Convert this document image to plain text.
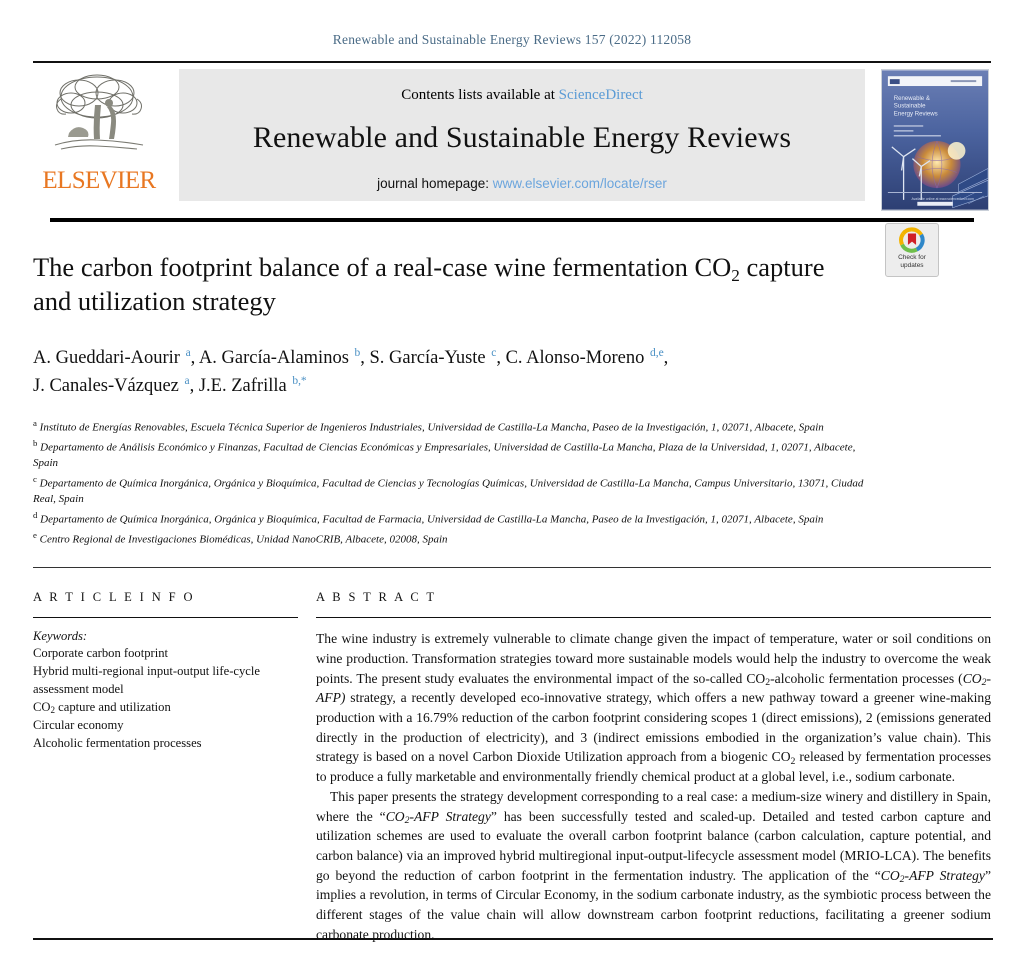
Renewable and Sustainable Energy Reviews 157 (2022) 112058
ELSEVIER
Contents lists available at ScienceDirect
Renewable and Sustainable Energy Reviews
journal homepage: www.elsevier.com/locate/rser
Renewable &
Sustainable
Energy Reviews
Available online at www.sciencedirect.com
Check for
updates
The carbon footprint balance of a real-case wine fermentation $CO_2$ capture and utilization strategy
A. Gueddari-Aourir $^a$, A. García-Alaminos $^b$, S. García-Yuste $^c$, C. Alonso-Moreno $^{d,e}$,
J. Canales-Vázquez $^a$, J.E. Zafrilla $^{b,*}$

$^a$ Instituto de Energías Renovables, Escuela Técnica Superior de Ingenieros Industriales, Universidad de Castilla-La Mancha, Paseo de la Investigación, 1, 02071, Albacete, Spain

$^b$ Departamento de Análisis Económico y Finanzas, Facultad de Ciencias Económicas y Empresariales, Universidad de Castilla-La Mancha, Plaza de la Universidad, 1, 02071, Albacete, Spain

$^c$ Departamento de Química Inorgánica, Orgánica y Bioquímica, Facultad de Ciencias y Tecnologías Químicas, Universidad de Castilla-La Mancha, Campus Universitario, 13071, Ciudad Real, Spain

$^d$ Departamento de Química Inorgánica, Orgánica y Bioquímica, Facultad de Farmacia, Universidad de Castilla-La Mancha, Paseo de la Investigación, 1, 02071, Albacete, Spain

$^e$ Centro Regional de Investigaciones Biomédicas, Unidad NanoCRIB, Albacete, 02008, Spain

A R T I C L E I N F O
Keywords:
Corporate carbon footprint
Hybrid multi-regional input-output life-cycle assessment model
$CO_2$ capture and utilization
Circular economy
Alcoholic fermentation processes
A B S T R A C T

The wine industry is extremely vulnerable to climate change given the impact of temperature, water or soil conditions on wine production. Transformation strategies toward more sustainable models would help the industry to overcome the weak points. The present study evaluates the environmental impact of the so-called $CO_2$-alcoholic fermentation processes $(CO_2-AFP)$ strategy, a recently developed eco-innovative strategy, which offers a new pathway toward a greener wine-making production with a 16.79% reduction of the carbon footprint considering scopes 1 (direct emissions), 2 (emissions generated directly in the production of electricity), and 3 (indirect emissions embodied in the organization’s value chain). This strategy is based on a novel Carbon Dioxide Utilization approach from a biogenic $CO_2$ released by fermentation processes to produce a fully marketable and environmentally friendly chemical product at a global level, i.e., sodium carbonate.

This paper presents the strategy development corresponding to a real case: a medium-size winery and distillery in Spain, where the “$CO_2$-AFP Strategy” has been successfully tested and scaled-up. Detailed and tested carbon capture and utilization schemes are used to evaluate the overall carbon footprint balance (carbon calculation, capture potential, and carbon balance) via an improved hybrid multiregional input-output-lifecycle assessment model (MRIO-LCA). The benefits go beyond the reduction of carbon footprint in the fermentation industry. The application of the “$CO_2$-AFP Strategy” implies a revolution, in terms of Circular Economy, in the sodium carbonate industry, as the symbiotic process between the different stages of the value chain will allow downstream carbon footprint reductions, facilitating a greener sodium carbonate production.
